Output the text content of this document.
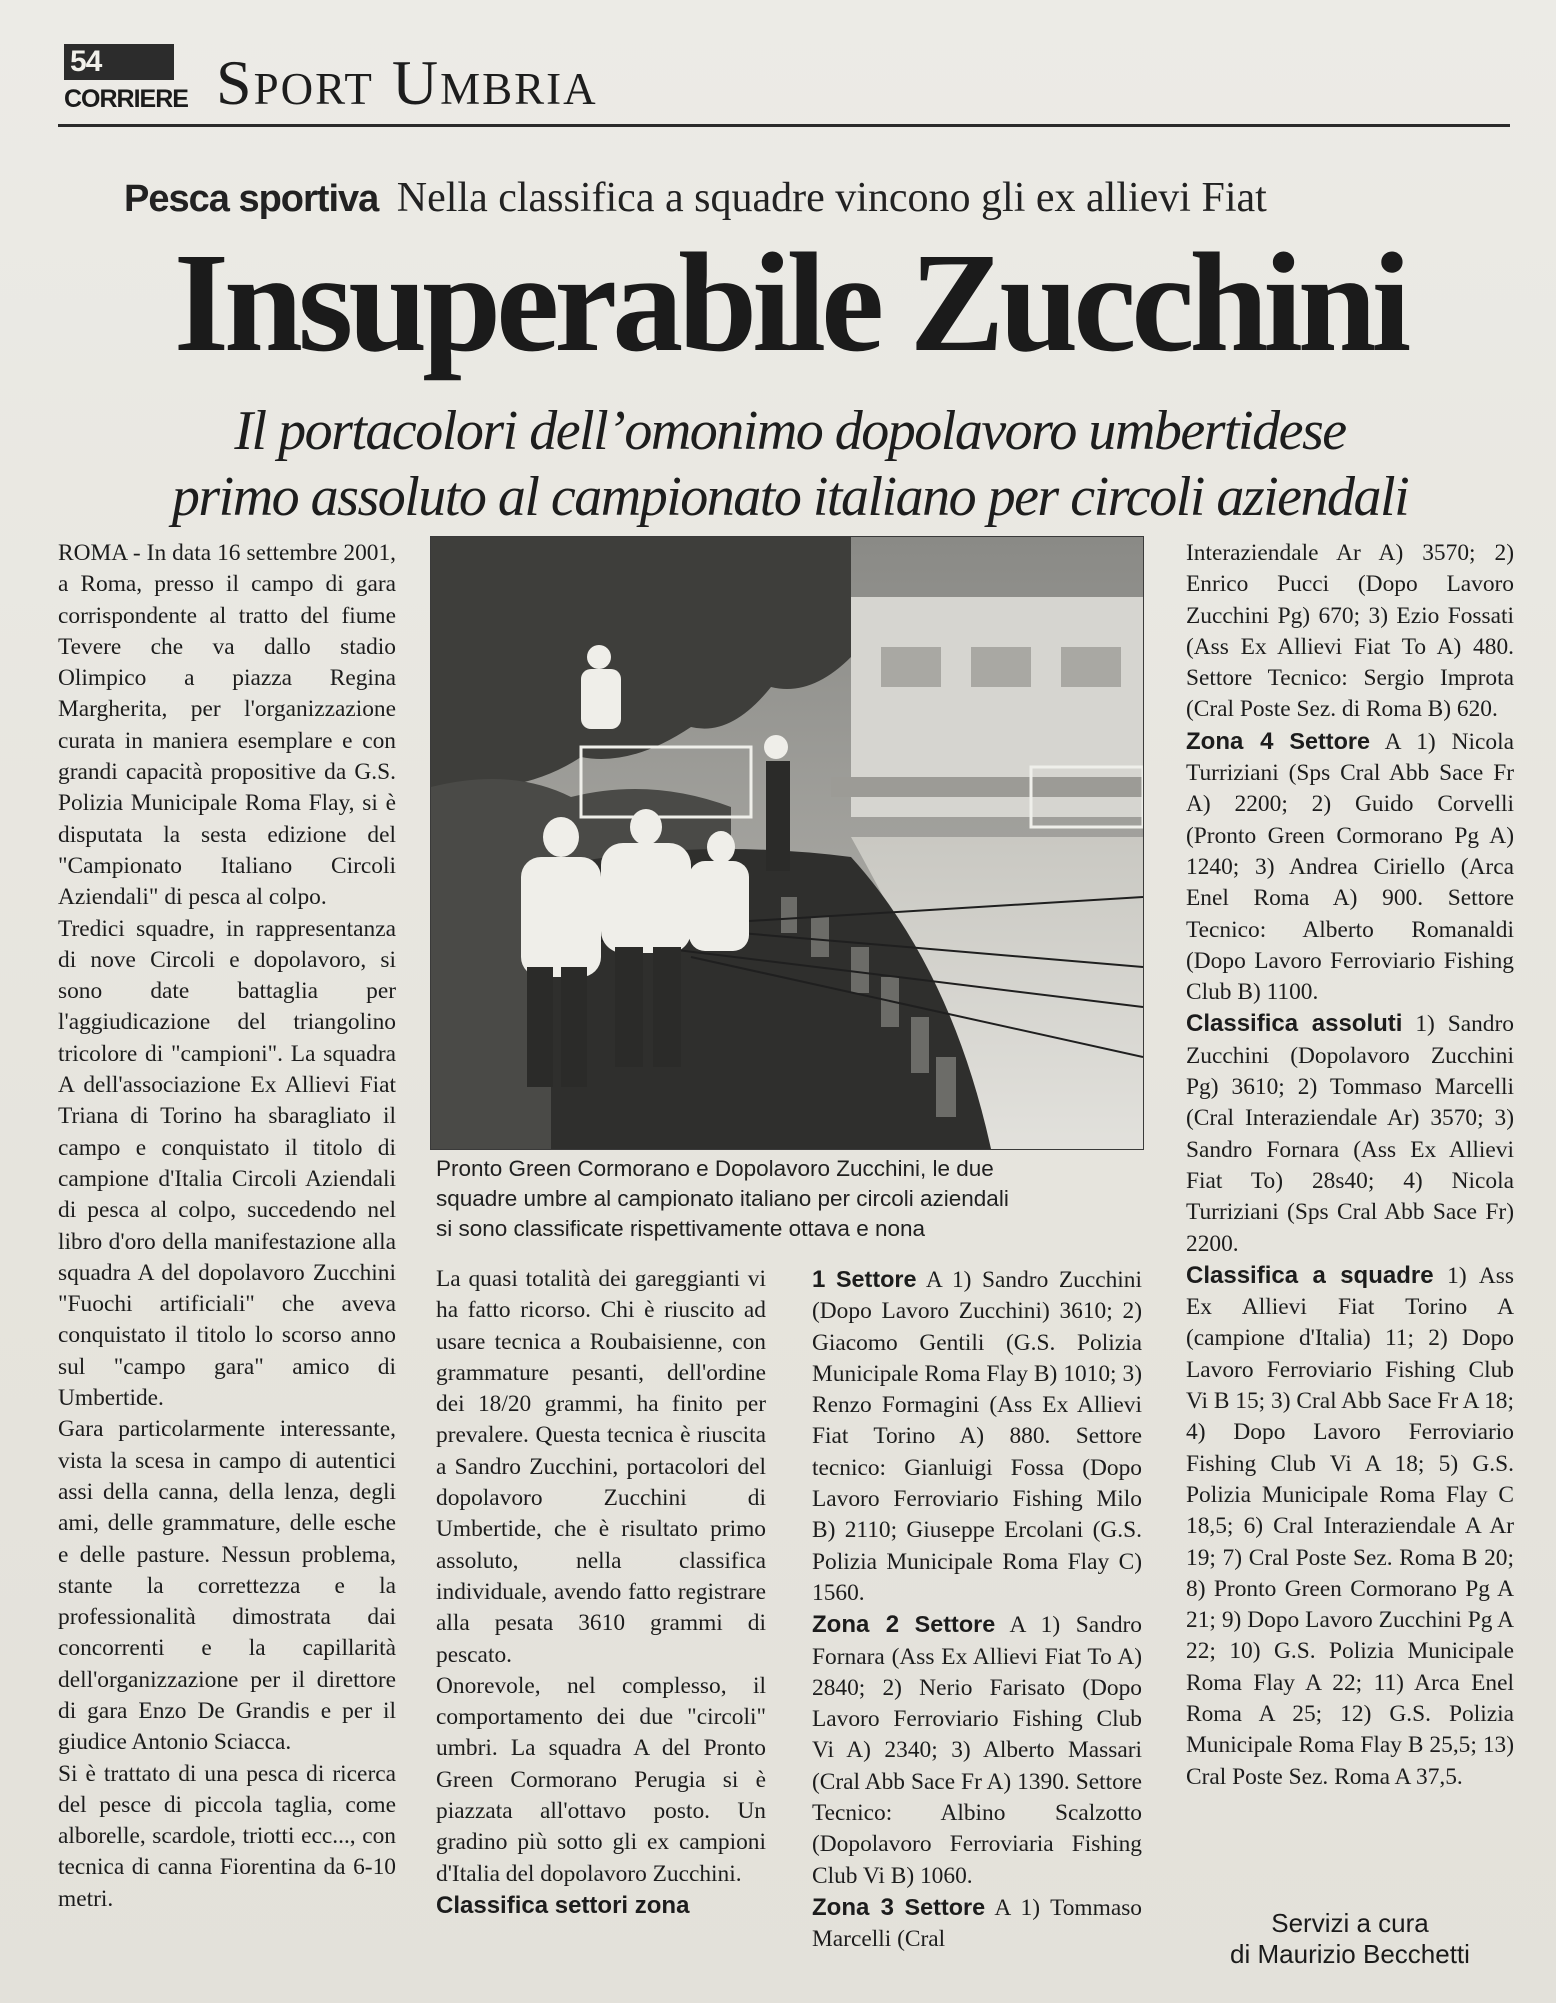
54
CORRIERE Sport Umbria
Pesca sportiva Nella classifica a squadre vincono gli ex allievi Fiat
Insuperabile Zucchini
Il portacolori dell’omonimo dopolavoro umbertidese
primo assoluto al campionato italiano per circoli aziendali

ROMA - In data 16 settembre 2001, a Roma, presso il campo di gara corrispondente al tratto del fiume Tevere che va dallo stadio Olimpico a piazza Regina Margherita, per l'organizzazione curata in maniera esemplare e con grandi capacità propositive da G.S. Polizia Municipale Roma Flay, si è disputata la sesta edizione del "Campionato Italiano Circoli Aziendali" di pesca al colpo.

Tredici squadre, in rappresentanza di nove Circoli e dopolavoro, si sono date battaglia per l'aggiudicazione del triangolino tricolore di "campioni". La squadra A dell'associazione Ex Allievi Fiat Triana di Torino ha sbaragliato il campo e conquistato il titolo di campione d'Italia Circoli Aziendali di pesca al colpo, succedendo nel libro d'oro della manifestazione alla squadra A del dopolavoro Zucchini "Fuochi artificiali" che aveva conquistato il titolo lo scorso anno sul "campo gara" amico di Umbertide.

Gara particolarmente interessante, vista la scesa in campo di autentici assi della canna, della lenza, degli ami, delle grammature, delle esche e delle pasture. Nessun problema, stante la correttezza e la professionalità dimostrata dai concorrenti e la capillarità dell'organizzazione per il direttore di gara Enzo De Grandis e per il giudice Antonio Sciacca.

Si è trattato di una pesca di ricerca del pesce di piccola taglia, come alborelle, scardole, triotti ecc..., con tecnica di canna Fiorentina da 6-10 metri.

Pronto Green Cormorano e Dopolavoro Zucchini, le due
squadre umbre al campionato italiano per circoli aziendali
si sono classificate rispettivamente ottava e nona

La quasi totalità dei gareggianti vi ha fatto ricorso. Chi è riuscito ad usare tecnica a Roubaisienne, con grammature pesanti, dell'ordine dei 18/20 grammi, ha finito per prevalere. Questa tecnica è riuscita a Sandro Zucchini, portacolori del dopolavoro Zucchini di Umbertide, che è risultato primo assoluto, nella classifica individuale, avendo fatto registrare alla pesata 3610 grammi di pescato.

Onorevole, nel complesso, il comportamento dei due "circoli" umbri. La squadra A del Pronto Green Cormorano Perugia si è piazzata all'ottavo posto. Un gradino più sotto gli ex campioni d'Italia del dopolavoro Zucchini.

Classifica settori zona

1 Settore A 1) Sandro Zucchini (Dopo Lavoro Zucchini) 3610; 2) Giacomo Gentili (G.S. Polizia Municipale Roma Flay B) 1010; 3) Renzo Formagini (Ass Ex Allievi Fiat Torino A) 880. Settore tecnico: Gianluigi Fossa (Dopo Lavoro Ferroviario Fishing Milo B) 2110; Giuseppe Ercolani (G.S. Polizia Municipale Roma Flay C) 1560.

Zona 2 Settore A 1) Sandro Fornara (Ass Ex Allievi Fiat To A) 2840; 2) Nerio Farisato (Dopo Lavoro Ferroviario Fishing Club Vi A) 2340; 3) Alberto Massari (Cral Abb Sace Fr A) 1390. Settore Tecnico: Albino Scalzotto (Dopolavoro Ferroviaria Fishing Club Vi B) 1060.

Zona 3 Settore A 1) Tommaso Marcelli (Cral

Interaziendale Ar A) 3570; 2) Enrico Pucci (Dopo Lavoro Zucchini Pg) 670; 3) Ezio Fossati (Ass Ex Allievi Fiat To A) 480. Settore Tecnico: Sergio Improta (Cral Poste Sez. di Roma B) 620.

Zona 4 Settore A 1) Nicola Turriziani (Sps Cral Abb Sace Fr A) 2200; 2) Guido Corvelli (Pronto Green Cormorano Pg A) 1240; 3) Andrea Ciriello (Arca Enel Roma A) 900. Settore Tecnico: Alberto Romanaldi (Dopo Lavoro Ferroviario Fishing Club B) 1100.

Classifica assoluti 1) Sandro Zucchini (Dopolavoro Zucchini Pg) 3610; 2) Tommaso Marcelli (Cral Interaziendale Ar) 3570; 3) Sandro Fornara (Ass Ex Allievi Fiat To) 28s40; 4) Nicola Turriziani (Sps Cral Abb Sace Fr) 2200.

Classifica a squadre 1) Ass Ex Allievi Fiat Torino A (campione d'Italia) 11; 2) Dopo Lavoro Ferroviario Fishing Club Vi B 15; 3) Cral Abb Sace Fr A 18; 4) Dopo Lavoro Ferroviario Fishing Club Vi A 18; 5) G.S. Polizia Municipale Roma Flay C 18,5; 6) Cral Interaziendale A Ar 19; 7) Cral Poste Sez. Roma B 20; 8) Pronto Green Cormorano Pg A 21; 9) Dopo Lavoro Zucchini Pg A 22; 10) G.S. Polizia Municipale Roma Flay A 22; 11) Arca Enel Roma A 25; 12) G.S. Polizia Municipale Roma Flay B 25,5; 13) Cral Poste Sez. Roma A 37,5.

Servizi a cura
di Maurizio Becchetti
